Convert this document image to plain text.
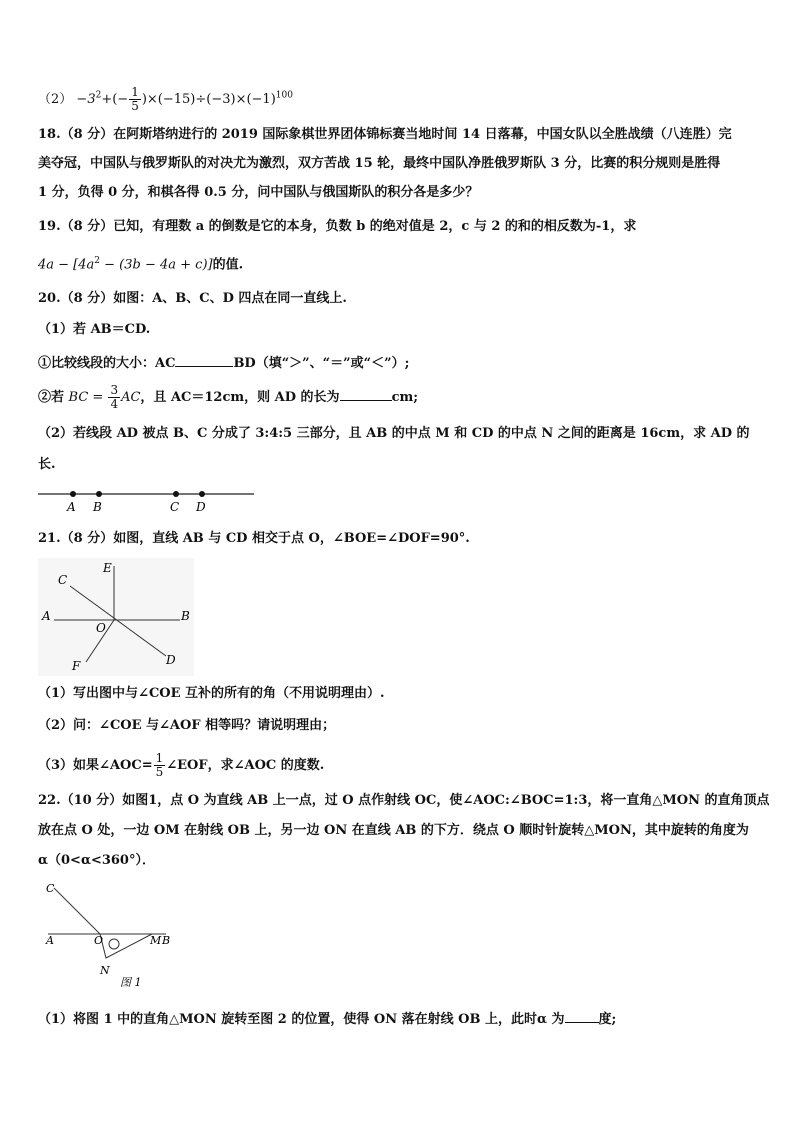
$(2) -3^2+(- \frac{1}{5} )\times(-15)\div(-3)\times(-1)^{100}$
18.（8 分）在阿斯塔纳进行的 2019 国际象棋世界团体锦标赛当地时间 14 日落幕，中国女队以全胜战绩（八连胜）完
美夺冠，中国队与俄罗斯队的对决尤为激烈，双方苦战 15 轮，最终中国队净胜俄罗斯队 3 分，比赛的积分规则是胜得
1 分，负得 0 分，和棋各得 0.5 分，问中国队与俄国斯队的积分各是多少？
19.（8 分）已知，有理数 a 的倒数是它的本身，负数 b 的绝对值是 2，c 与 2 的和的相反数为-1，求
$4a - [4a^2 - (3b - 4a + c)]$的值.
20.（8 分）如图：A、B、C、D 四点在同一直线上.
（1）若 AB＝CD.
①比较线段的大小：AC	BD（填“＞”、“＝”或“＜”）;
②若 BC = $\frac{3}{4}$ AC，且 AC＝12cm，则 AD 的长为	cm;
（2）若线段 AD 被点 B、C 分成了 3:4:5 三部分，且 AB 的中点 M 和 CD 的中点 N 之间的距离是 16cm，求 AD 的
长.
A B	C D
21.（8 分）如图，直线 AB 与 CD 相交于点 O，∠BOE=∠DOF=90°.
C
E
A
O
B
F	D
（1）写出图中与∠COE 互补的所有的角（不用说明理由）.
（2）问：∠COE 与∠AOF 相等吗？请说明理由；
（3）如果∠AOC= $\frac{1}{5}$ ∠EOF，求∠AOC 的度数.
22.（10 分）如图1，点 O 为直线 AB 上一点，过 O 点作射线 OC，使∠AOC:∠BOC=1:3，将一直角△MON 的直角顶点
放在点 O 处，一边 OM 在射线 OB 上，另一边 ON 在直线 AB 的下方．绕点 O 顺时针旋转△MON，其中旋转的角度为
α（0<α<360°）．
C
A	O	M B
N
图 1
（1）将图 1 中的直角△MON 旋转至图 2 的位置，使得 ON 落在射线 OB 上，此时α 为	度;
